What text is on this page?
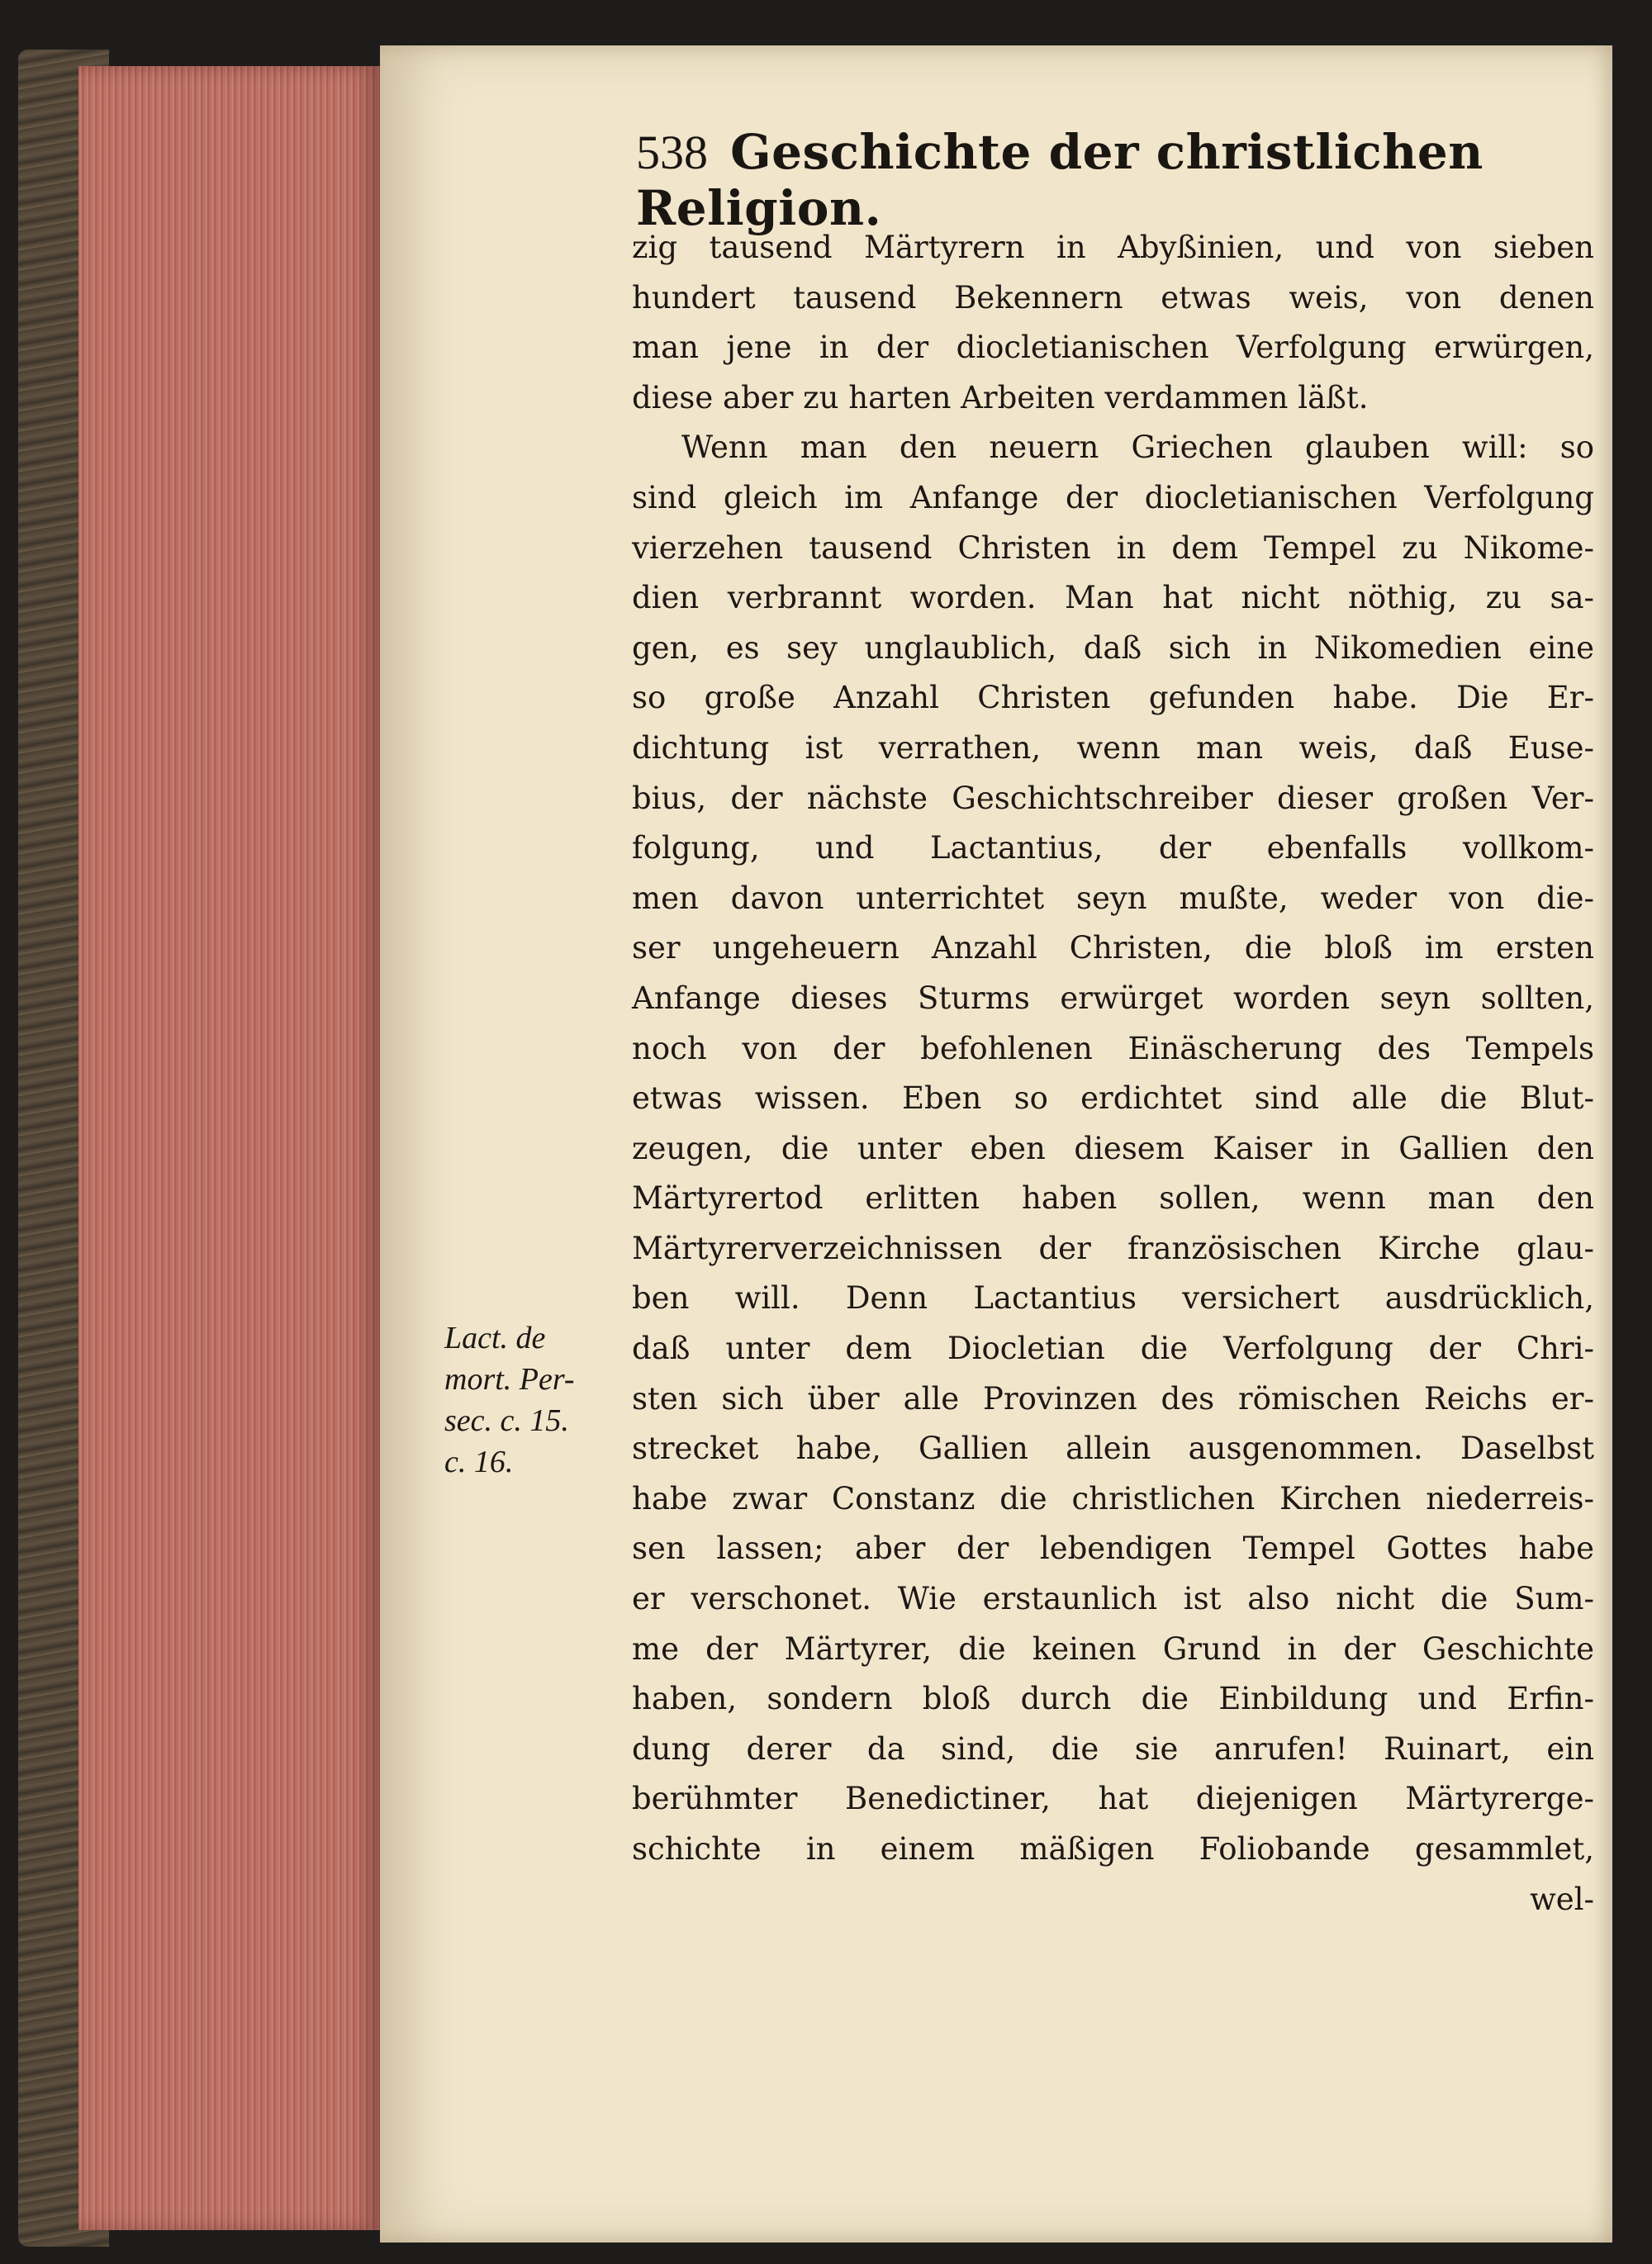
538 Geschichte der christlichen Religion.
zig tausend Märtyrern in Abyßinien, und von sieben
hundert tausend Bekennern etwas weis, von denen
man jene in der diocletianischen Verfolgung erwürgen,
diese aber zu harten Arbeiten verdammen läßt.
Wenn man den neuern Griechen glauben will: so
sind gleich im Anfange der diocletianischen Verfolgung
vierzehen tausend Christen in dem Tempel zu Nikome-
dien verbrannt worden. Man hat nicht nöthig, zu sa-
gen, es sey unglaublich, daß sich in Nikomedien eine
so große Anzahl Christen gefunden habe. Die Er-
dichtung ist verrathen, wenn man weis, daß Euse-
bius, der nächste Geschichtschreiber dieser großen Ver-
folgung, und Lactantius, der ebenfalls vollkom-
men davon unterrichtet seyn mußte, weder von die-
ser ungeheuern Anzahl Christen, die bloß im ersten
Anfange dieses Sturms erwürget worden seyn sollten,
noch von der befohlenen Einäscherung des Tempels
etwas wissen. Eben so erdichtet sind alle die Blut-
zeugen, die unter eben diesem Kaiser in Gallien den
Märtyrertod erlitten haben sollen, wenn man den
Märtyrerverzeichnissen der französischen Kirche glau-
ben will. Denn Lactantius versichert ausdrücklich,
daß unter dem Diocletian die Verfolgung der Chri-
sten sich über alle Provinzen des römischen Reichs er-
strecket habe, Gallien allein ausgenommen. Daselbst
habe zwar Constanz die christlichen Kirchen niederreis-
sen lassen; aber der lebendigen Tempel Gottes habe
er verschonet. Wie erstaunlich ist also nicht die Sum-
me der Märtyrer, die keinen Grund in der Geschichte
haben, sondern bloß durch die Einbildung und Erfin-
dung derer da sind, die sie anrufen! Ruinart, ein
berühmter Benedictiner, hat diejenigen Märtyrerge-
schichte in einem mäßigen Foliobande gesammlet,
wel-
Lact. de
mort. Per-
sec. c. 15.
c. 16.
